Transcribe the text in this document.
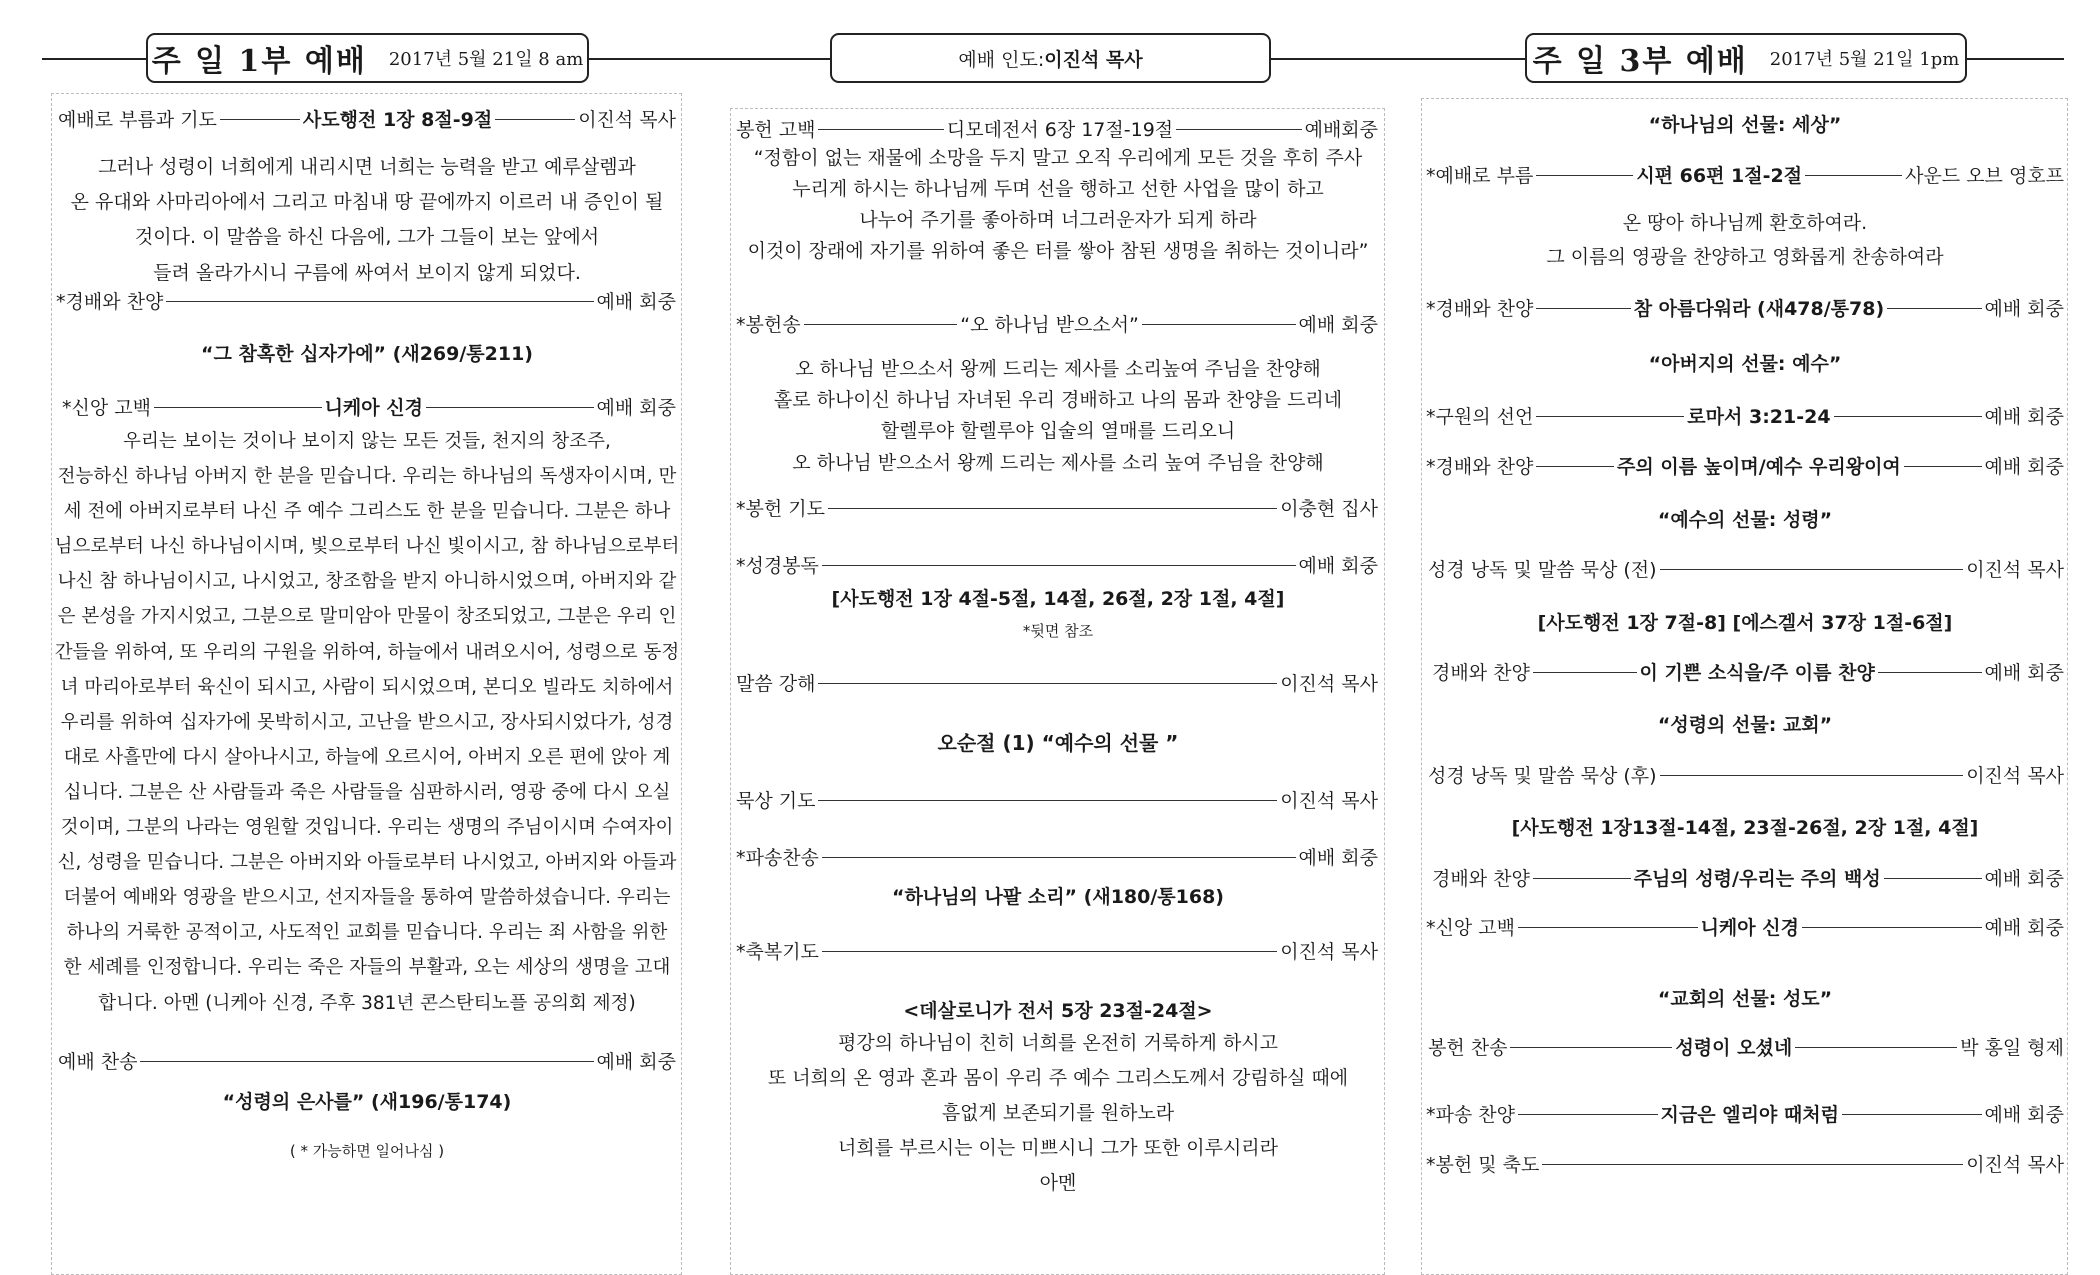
주 일 1부 예배 2017년 5월 21일 8 am	예배 인도: 이진석 목사	주 일 3부 예배 2017년 5월 21일 1pm
예배로 부름과 기도	사도행전 1장 8절-9절	이진석 목사
그러나 성령이 너희에게 내리시면 너희는 능력을 받고 예루살렘과
온 유대와 사마리아에서 그리고 마침내 땅 끝에까지 이르러 내 증인이 될
것이다. 이 말씀을 하신 다음에, 그가 그들이 보는 앞에서
들려 올라가시니 구름에 싸여서 보이지 않게 되었다.
*경배와 찬양	예배 회중
“그 참혹한 십자가에” (새269/통211)
*신앙 고백	니케아 신경	예배 회중
우리는 보이는 것이나 보이지 않는 모든 것들, 천지의 창조주,
전능하신 하나님 아버지 한 분을 믿습니다. 우리는 하나님의 독생자이시며, 만
세 전에 아버지로부터 나신 주 예수 그리스도 한 분을 믿습니다. 그분은 하나
님으로부터 나신 하나님이시며, 빛으로부터 나신 빛이시고, 참 하나님으로부터
나신 참 하나님이시고, 나시었고, 창조함을 받지 아니하시었으며, 아버지와 같
은 본성을 가지시었고, 그분으로 말미암아 만물이 창조되었고, 그분은 우리 인
간들을 위하여, 또 우리의 구원을 위하여, 하늘에서 내려오시어, 성령으로 동정
녀 마리아로부터 육신이 되시고, 사람이 되시었으며, 본디오 빌라도 치하에서
우리를 위하여 십자가에 못박히시고, 고난을 받으시고, 장사되시었다가, 성경
대로 사흘만에 다시 살아나시고, 하늘에 오르시어, 아버지 오른 편에 앉아 계
십니다. 그분은 산 사람들과 죽은 사람들을 심판하시러, 영광 중에 다시 오실
것이며, 그분의 나라는 영원할 것입니다. 우리는 생명의 주님이시며 수여자이
신, 성령을 믿습니다. 그분은 아버지와 아들로부터 나시었고, 아버지와 아들과
더불어 예배와 영광을 받으시고, 선지자들을 통하여 말씀하셨습니다. 우리는
하나의 거룩한 공적이고, 사도적인 교회를 믿습니다. 우리는 죄 사함을 위한
한 세례를 인정합니다. 우리는 죽은 자들의 부활과, 오는 세상의 생명을 고대
합니다. 아멘 (니케아 신경, 주후 381년 콘스탄티노플 공의회 제정)
예배 찬송	예배 회중
“성령의 은사를” (새196/통174)
( * 가능하면 일어나심 )
봉헌 고백	디모데전서 6장 17절-19절	예배회중
“정함이 없는 재물에 소망을 두지 말고 오직 우리에게 모든 것을 후히 주사
누리게 하시는 하나님께 두며 선을 행하고 선한 사업을 많이 하고
나누어 주기를 좋아하며 너그러운자가 되게 하라
이것이 장래에 자기를 위하여 좋은 터를 쌓아 참된 생명을 취하는 것이니라”
*봉헌송	“오 하나님 받으소서”	예배 회중
오 하나님 받으소서 왕께 드리는 제사를 소리높여 주님을 찬양해
홀로 하나이신 하나님 자녀된 우리 경배하고 나의 몸과 찬양을 드리네
할렐루야 할렐루야 입술의 열매를 드리오니
오 하나님 받으소서 왕께 드리는 제사를 소리 높여 주님을 찬양해
*봉헌 기도	이충현 집사
*성경봉독	예배 회중
[사도행전 1장 4절-5절, 14절, 26절, 2장 1절, 4절]
*뒷면 참조
말씀 강해	이진석 목사
오순절 (1) “예수의 선물 ”
묵상 기도	이진석 목사
*파송찬송	예배 회중
“하나님의 나팔 소리” (새180/통168)
*축복기도	이진석 목사
<데살로니가 전서 5장 23절-24절>
평강의 하나님이 친히 너희를 온전히 거룩하게 하시고
또 너희의 온 영과 혼과 몸이 우리 주 예수 그리스도께서 강림하실 때에
흠없게 보존되기를 원하노라
너희를 부르시는 이는 미쁘시니 그가 또한 이루시리라
아멘
“하나님의 선물: 세상”
*예배로 부름	시편 66편 1절-2절	사운드 오브 영호프
온 땅아 하나님께 환호하여라.
그 이름의 영광을 찬양하고 영화롭게 찬송하여라
*경배와 찬양	참 아름다워라 (새478/통78)	예배 회중
“아버지의 선물: 예수”
*구원의 선언	로마서 3:21-24	예배 회중
*경배와 찬양	주의 이름 높이며/예수 우리왕이여	예배 회중
“예수의 선물: 성령”
성경 낭독 및 말씀 묵상 (전)	이진석 목사
[사도행전 1장 7절-8] [에스겔서 37장 1절-6절]
경배와 찬양	이 기쁜 소식을/주 이름 찬양	예배 회중
“성령의 선물: 교회”
성경 낭독 및 말씀 묵상 (후)	이진석 목사
[사도행전 1장13절-14절, 23절-26절, 2장 1절, 4절]
경배와 찬양	주님의 성령/우리는 주의 백성	예배 회중
*신앙 고백	니케아 신경	예배 회중
“교회의 선물: 성도”
봉헌 찬송	성령이 오셨네	박 홍일 형제
*파송 찬양	지금은 엘리야 때처럼	예배 회중
*봉헌 및 축도	이진석 목사
